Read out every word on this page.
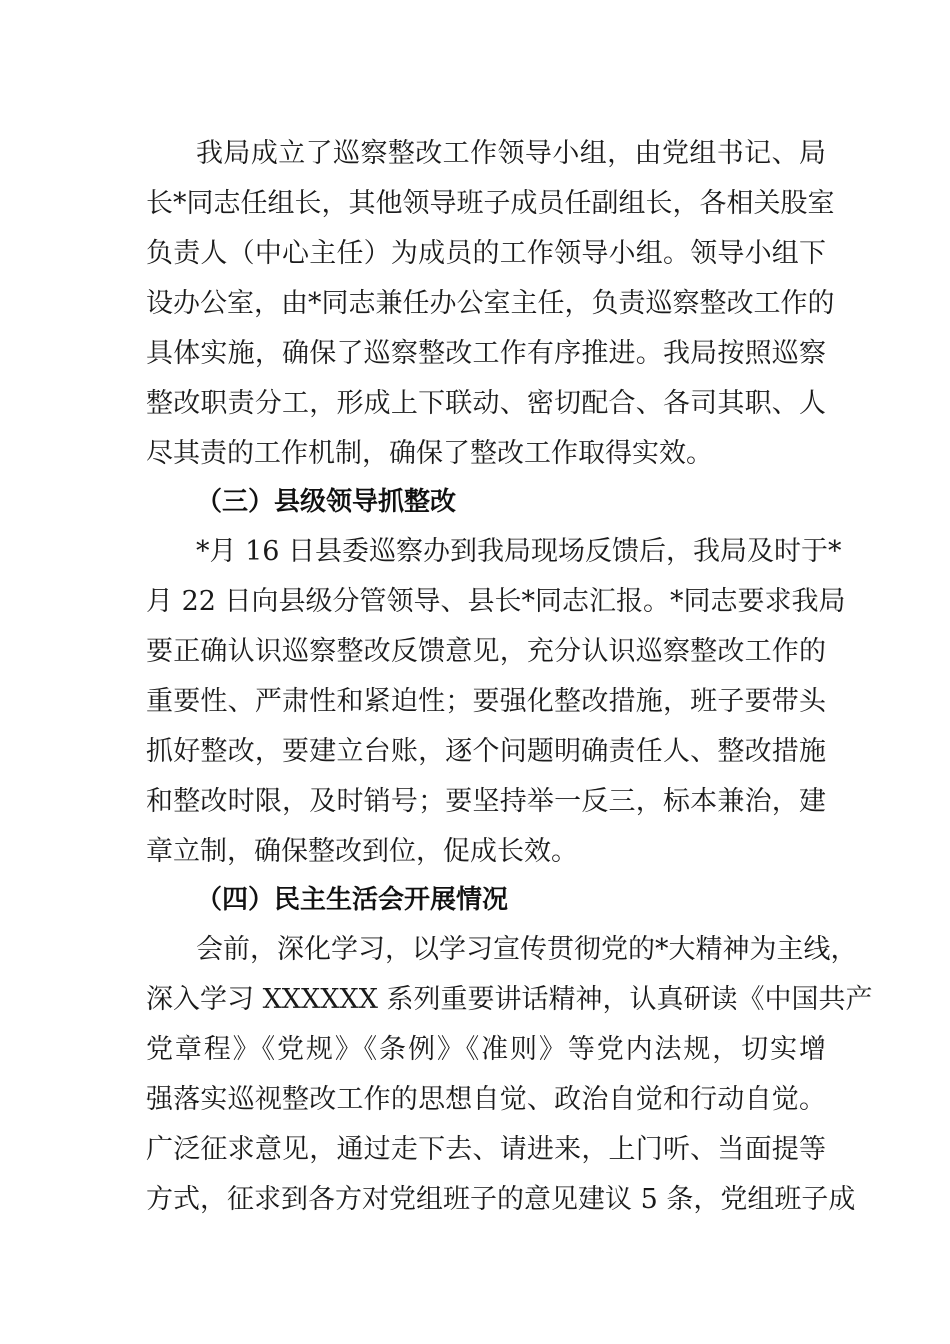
我局成立了巡察整改工作领导小组，由党组书记、局
长*同志任组长，其他领导班子成员任副组长，各相关股室
负责人（中心主任）为成员的工作领导小组。领导小组下
设办公室，由*同志兼任办公室主任，负责巡察整改工作的
具体实施，确保了巡察整改工作有序推进。我局按照巡察
整改职责分工，形成上下联动、密切配合、各司其职、人
尽其责的工作机制，确保了整改工作取得实效。
（三）县级领导抓整改
*月 16 日县委巡察办到我局现场反馈后，我局及时于*
月 22 日向县级分管领导、县长*同志汇报。*同志要求我局
要正确认识巡察整改反馈意见，充分认识巡察整改工作的
重要性、严肃性和紧迫性；要强化整改措施，班子要带头
抓好整改，要建立台账，逐个问题明确责任人、整改措施
和整改时限，及时销号；要坚持举一反三，标本兼治，建
章立制，确保整改到位，促成长效。
（四）民主生活会开展情况
会前，深化学习，以学习宣传贯彻党的*大精神为主线，
深入学习 XXXXXX 系列重要讲话精神，认真研读《中国共产
党章程》《党规》《条例》《准则》等党内法规，切实增
强落实巡视整改工作的思想自觉、政治自觉和行动自觉。
广泛征求意见，通过走下去、请进来，上门听、当面提等
方式，征求到各方对党组班子的意见建议 5 条，党组班子成
